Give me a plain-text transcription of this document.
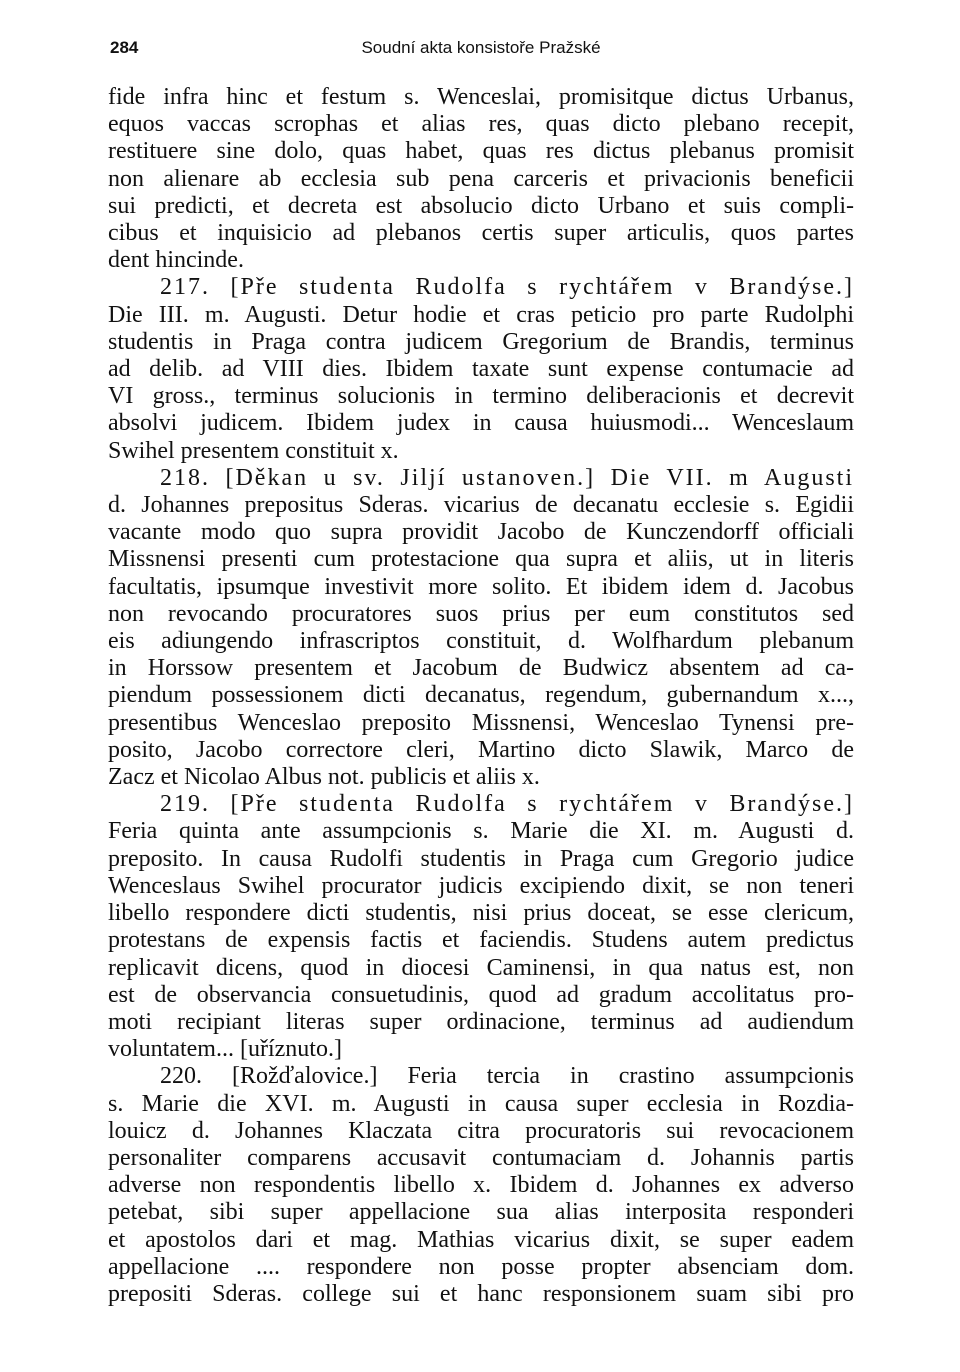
284	Soudní akta konsistoře Pražské
fide infra hinc et festum s. Wenceslai, promisitque dictus Urbanus,
equos vaccas scrophas et alias res, quas dicto plebano recepit,
restituere sine dolo, quas habet, quas res dictus plebanus promisit
non alienare ab ecclesia sub pena carceris et privacionis beneficii
sui predicti, et decreta est absolucio dicto Urbano et suis compli-
cibus et inquisicio ad plebanos certis super articulis, quos partes
dent hincinde.
217. [Pře studenta Rudolfa s rychtářem v Brandýse.]
Die III. m. Augusti. Detur hodie et cras peticio pro parte Rudolphi
studentis in Praga contra judicem Gregorium de Brandis, terminus
ad delib. ad VIII dies. Ibidem taxate sunt expense contumacie ad
VI gross., terminus solucionis in termino deliberacionis et decrevit
absolvi judicem. Ibidem judex in causa huiusmodi... Wenceslaum
Swihel presentem constituit x.
218. [Děkan u sv. Jiljí ustanoven.] Die VII. m Augusti
d. Johannes prepositus Sderas. vicarius de decanatu ecclesie s. Egidii
vacante modo quo supra providit Jacobo de Kunczendorff officiali
Missnensi presenti cum protestacione qua supra et aliis, ut in literis
facultatis, ipsumque investivit more solito. Et ibidem idem d. Jacobus
non revocando procuratores suos prius per eum constitutos sed
eis adiungendo infrascriptos constituit, d. Wolfhardum plebanum
in Horssow presentem et Jacobum de Budwicz absentem ad ca-
piendum possessionem dicti decanatus, regendum, gubernandum x...,
presentibus Wenceslao preposito Missnensi, Wenceslao Tynensi pre-
posito, Jacobo correctore cleri, Martino dicto Slawik, Marco de
Zacz et Nicolao Albus not. publicis et aliis x.
219. [Pře studenta Rudolfa s rychtářem v Brandýse.]
Feria quinta ante assumpcionis s. Marie die XI. m. Augusti d.
preposito. In causa Rudolfi studentis in Praga cum Gregorio judice
Wenceslaus Swihel procurator judicis excipiendo dixit, se non teneri
libello respondere dicti studentis, nisi prius doceat, se esse clericum,
protestans de expensis factis et faciendis. Studens autem predictus
replicavit dicens, quod in diocesi Caminensi, in qua natus est, non
est de observancia consuetudinis, quod ad gradum accolitatus pro-
moti recipiant literas super ordinacione, terminus ad audiendum
voluntatem... [uříznuto.]
220. [Rožďalovice.] Feria tercia in crastino assumpcionis
s. Marie die XVI. m. Augusti in causa super ecclesia in Rozdia-
louicz d. Johannes Klaczata citra procuratoris sui revocacionem
personaliter comparens accusavit contumaciam d. Johannis partis
adverse non respondentis libello x. Ibidem d. Johannes ex adverso
petebat, sibi super appellacione sua alias interposita responderi
et apostolos dari et mag. Mathias vicarius dixit, se super eadem
appellacione .... respondere non posse propter absenciam dom.
prepositi Sderas. college sui et hanc responsionem suam sibi pro
